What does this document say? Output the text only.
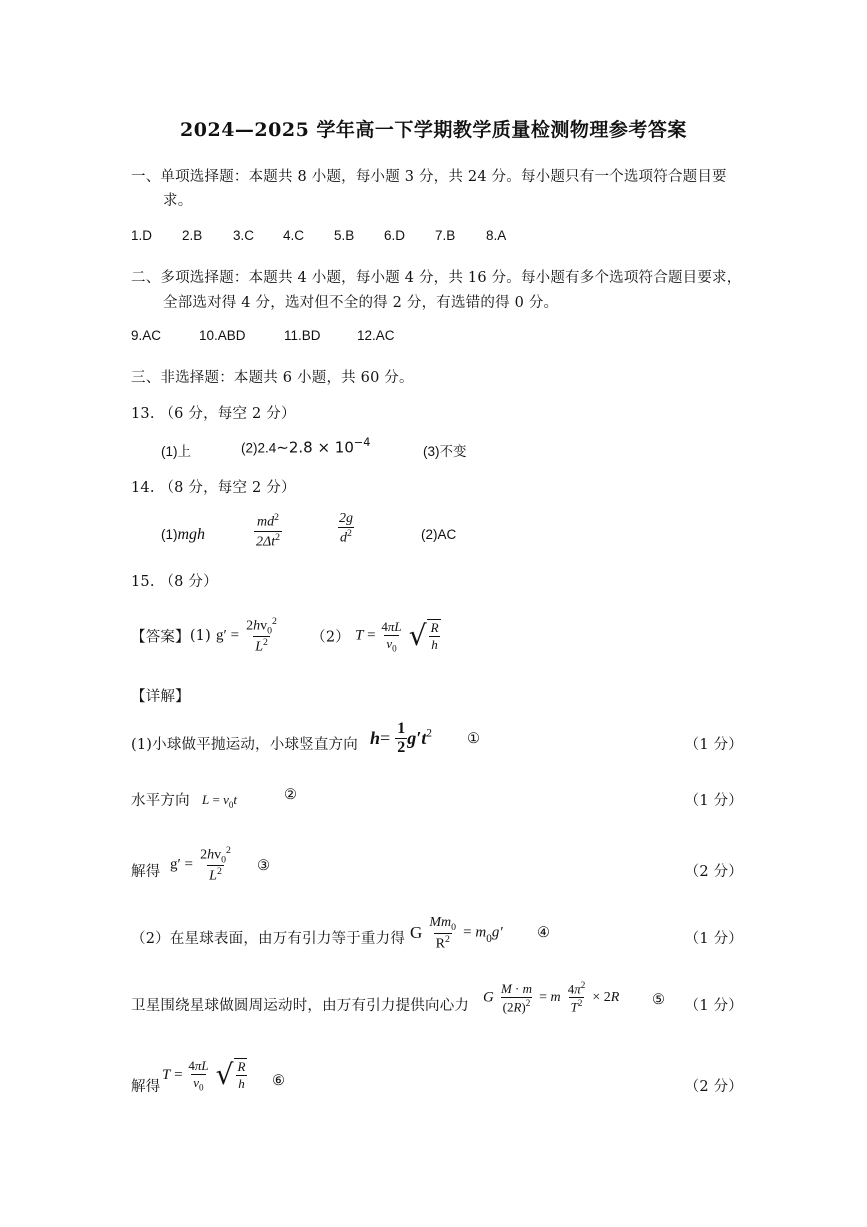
2024—2025 学年高一下学期教学质量检测物理参考答案
一、单项选择题：本题共 8 小题，每小题 3 分，共 24 分。每小题只有一个选项符合题目要
求。
1.D 2.B 3.C 4.C 5.B 6.D 7.B 8.A
二、多项选择题：本题共 4 小题，每小题 4 分，共 16 分。每小题有多个选项符合题目要求，
全部选对得 4 分，选对但不全的得 2 分，有选错的得 0 分。
9.AC	10.ABD	11.BD	12.AC
三、非选择题：本题共 6 小题，共 60 分。
13. （6 分，每空 2 分）
(1)上	(2)2.4∼2.8 × $10^{-4}$
(3)不变
14. （8 分，每空 2 分）
(1)mgh	$\frac{md^2}{2\Delta t^2}$	$\frac{2g}{d^2}$	(2)AC
15. （8 分）
【答案】(1) $g' = \frac{2hv_0^2}{L^2} (2) T = \frac{4\pi L}{v_0}$
√ $\frac{R}{h}$
【详解】
(1)小球做平抛运动，小球竖直方向 $h= \frac{1}{2} g't^2$ ①	（1 分）
水平方向 $L = v_0t$	②	（1 分）
解得 $g' = \frac{2hv_0^2}{L^2}$ ③	（2 分）
（2）在星球表面，由万有引力等于重力得 G $\frac{Mm_0}{R^2} = m_0g'$ ④	（1 分）
卫星围绕星球做圆周运动时，由万有引力提供向心力
G $\frac{M \cdot m}{(2R)^2} = m \frac{4\pi^2}{T^2} \times 2R$ ⑤ （1 分）
解得
$T = \frac{4\pi L}{v_0}$
√ $\frac{R}{h}$ ⑥	（2 分）
